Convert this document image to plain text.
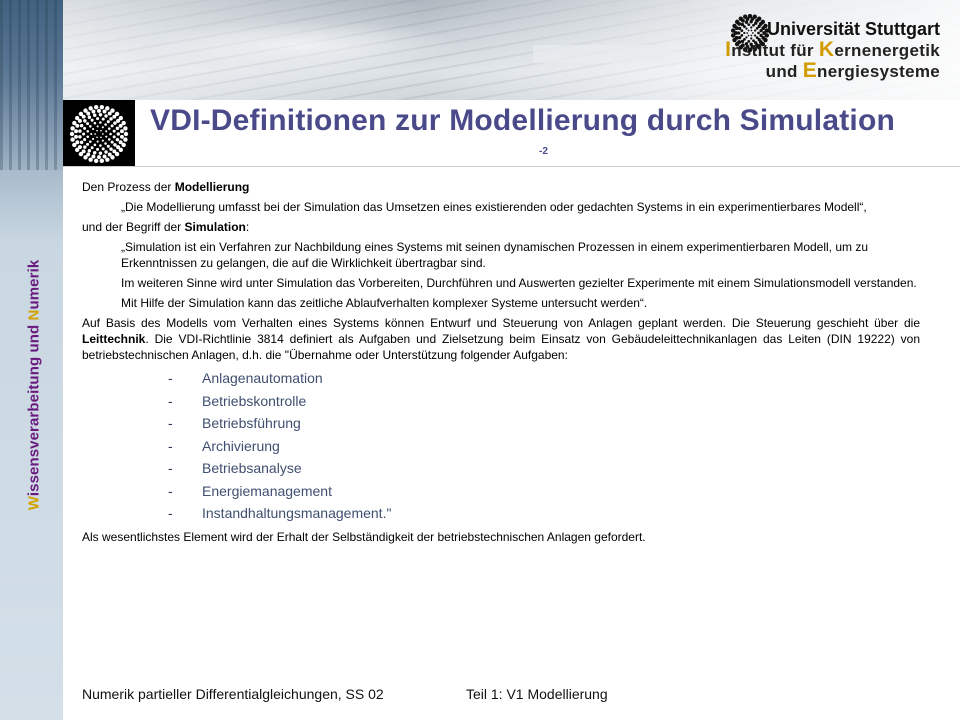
Wissensverarbeitung und Numerik
Universität Stuttgart
Institut für Kernenergetik
und Energiesysteme
VDI-Definitionen zur Modellierung durch Simulation
-2

Den Prozess der Modellierung

„Die Modellierung umfasst bei der Simulation das Umsetzen eines existierenden oder gedachten Systems in ein experimentierbares Modell“,

und der Begriff der Simulation:

„Simulation ist ein Verfahren zur Nachbildung eines Systems mit seinen dynamischen Prozessen in einem experimentierbaren Modell, um zu Erkenntnissen zu gelangen, die auf die Wirklichkeit übertragbar sind.

Im weiteren Sinne wird unter Simulation das Vorbereiten, Durchführen und Auswerten gezielter Experimente mit einem Simulationsmodell verstanden.

Mit Hilfe der Simulation kann das zeitliche Ablaufverhalten komplexer Systeme untersucht werden“.

Auf Basis des Modells vom Verhalten eines Systems können Entwurf und Steuerung von Anlagen geplant werden. Die Steuerung geschieht über die Leittechnik. Die VDI-Richtlinie 3814 definiert als Aufgaben und Zielsetzung beim Einsatz von Gebäudeleittechnikanlagen das Leiten (DIN 19222) von betriebstechnischen Anlagen, d.h. die "Übernahme oder Unterstützung folgender Aufgaben:

-	Anlagenautomation
-	Betriebskontrolle
-	Betriebsführung
-	Archivierung
-	Betriebsanalyse
-	Energiemanagement
-	Instandhaltungsmanagement."

Als wesentlichstes Element wird der Erhalt der Selbständigkeit der betriebstechnischen Anlagen gefordert.

Numerik partieller Differentialgleichungen, SS 02	Teil 1: V1 Modellierung
